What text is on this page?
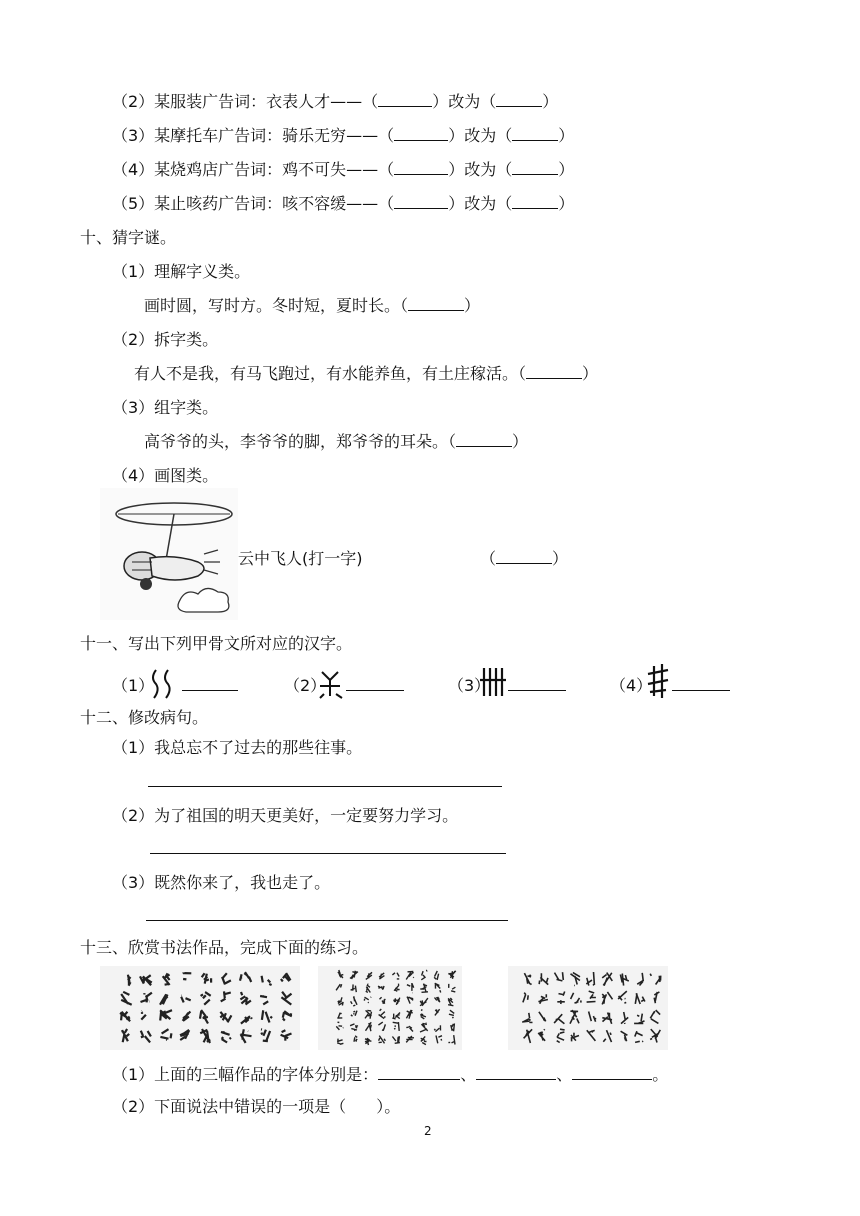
（2）某服装广告词：衣表人才——（	）改为（	）
（3）某摩托车广告词：骑乐无穷——（	）改为（	）
（4）某烧鸡店广告词：鸡不可失——（	）改为（	）
（5）某止咳药广告词：咳不容缓——（	）改为（	）
十、猜字谜。
（1）理解字义类。
画时圆，写时方。冬时短，夏时长。（	）
（2）拆字类。
有人不是我，有马飞跑过，有水能养鱼，有土庄稼活。（	）
（3）组字类。
高爷爷的头，李爷爷的脚，郑爷爷的耳朵。（	）
（4）画图类。
云中飞人(打一字)	（	）
十一、写出下列甲骨文所对应的汉字。
（1）	（2）	（3）	（4）
十二、修改病句。
（1）我总忘不了过去的那些往事。
（2）为了祖国的明天更美好，一定要努力学习。
（3）既然你来了，我也走了。
十三、欣赏书法作品，完成下面的练习。
（1）上面的三幅作品的字体分别是：	、	、	。
（2）下面说法中错误的一项是（ ）。
2
